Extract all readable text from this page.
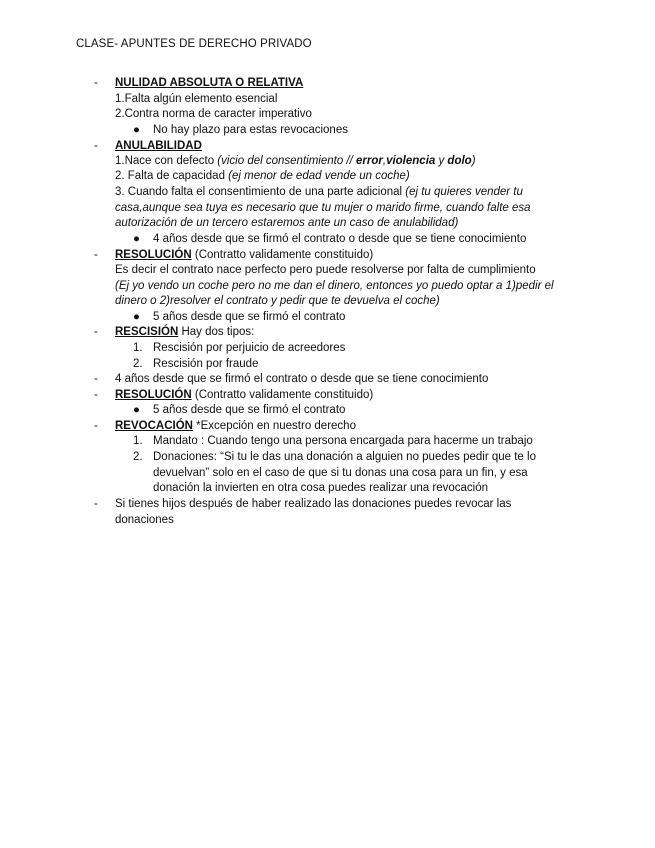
CLASE- APUNTES DE DERECHO PRIVADO
- NULIDAD ABSOLUTA O RELATIVA
1.Falta algún elemento esencial
2.Contra norma de caracter imperativo
● No hay plazo para estas revocaciones
- ANULABILIDAD
1.Nace con defecto (vicio del consentimiento // error,violencia y dolo)
2. Falta de capacidad (ej menor de edad vende un coche)
3. Cuando falta el consentimiento de una parte adicional (ej tu quieres vender tu
casa,aunque sea tuya es necesario que tu mujer o marido firme, cuando falte esa
autorización de un tercero estaremos ante un caso de anulabilidad)
● 4 años desde que se firmó el contrato o desde que se tiene conocimiento
- RESOLUCIÓN (Contratto validamente constituido)
Es decir el contrato nace perfecto pero puede resolverse por falta de cumplimiento
(Ej yo vendo un coche pero no me dan el dinero, entonces yo puedo optar a 1)pedir el
dinero o 2)resolver el contrato y pedir que te devuelva el coche)
● 5 años desde que se firmó el contrato
- RESCISIÓN Hay dos tipos:
1. Rescisión por perjuicio de acreedores
2. Rescisión por fraude
- 4 años desde que se firmó el contrato o desde que se tiene conocimiento
- RESOLUCIÓN (Contratto validamente constituido)
● 5 años desde que se firmó el contrato
- REVOCACIÓN *Excepción en nuestro derecho
1. Mandato : Cuando tengo una persona encargada para hacerme un trabajo
2. Donaciones: “Si tu le das una donación a alguien no puedes pedir que te lo
devuelvan” solo en el caso de que si tu donas una cosa para un fin, y esa
donación la invierten en otra cosa puedes realizar una revocación
- Si tienes hijos después de haber realizado las donaciones puedes revocar las
donaciones
